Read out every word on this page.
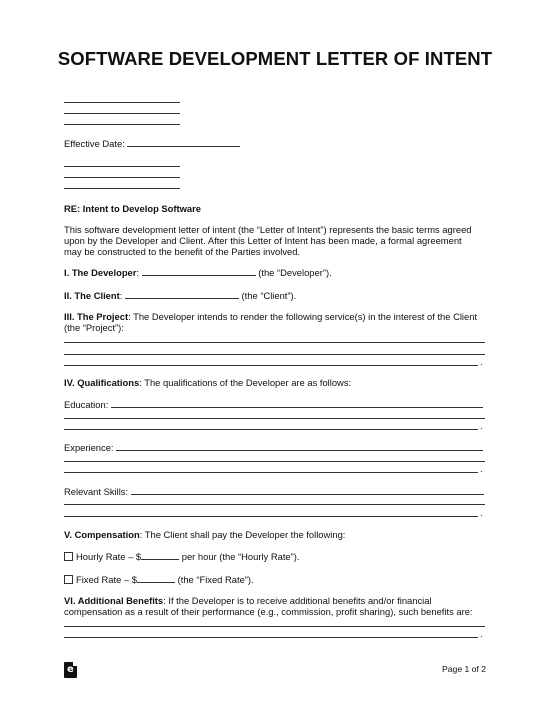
SOFTWARE DEVELOPMENT LETTER OF INTENT
Effective Date:
RE: Intent to Develop Software
This software development letter of intent (the “Letter of Intent”) represents the basic terms agreed
upon by the Developer and Client. After this Letter of Intent has been made, a formal agreement
may be constructed to the benefit of the Parties involved.
I. The Developer:	(the “Developer”).
II. The Client:	(the “Client”).
III. The Project: The Developer intends to render the following service(s) in the interest of the Client
(the “Project”):
.
IV. Qualifications: The qualifications of the Developer are as follows:
Education:
.
Experience:
.
Relevant Skills:
.
V. Compensation: The Client shall pay the Developer the following:
Hourly Rate – $	per hour (the “Hourly Rate”).
Fixed Rate – $	(the “Fixed Rate”).
VI. Additional Benefits: If the Developer is to receive additional benefits and/or financial
compensation as a result of their performance (e.g., commission, profit sharing), such benefits are:
.
e	Page 1 of 2
